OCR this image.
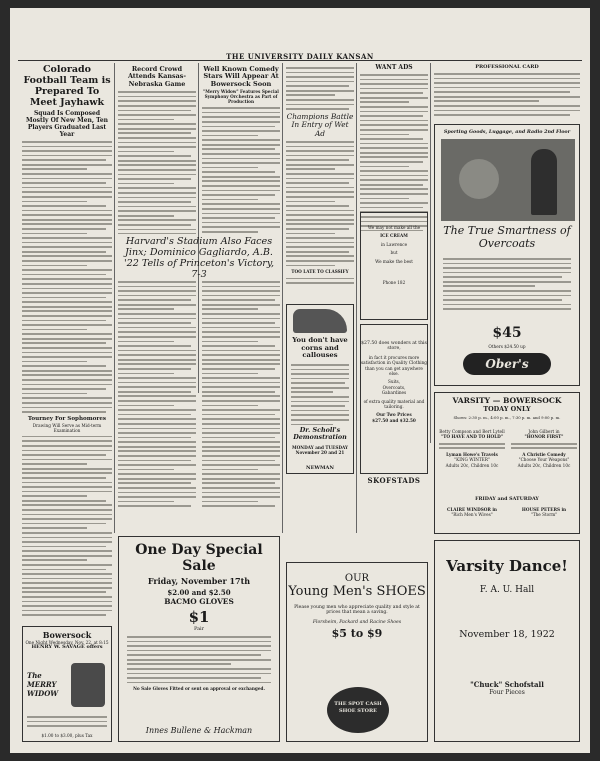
THE UNIVERSITY DAILY KANSAN
Colorado Football Team is Prepared To Meet Jayhawk
Squad Is Composed Mostly Of New Men, Ten Players Graduated Last Year
Tourney For Sophomores
Drawing Will Serve as Mid-term Examination
Bowersock
One Night Wednesday, Nov. 22, at 8:15
HENRY W. SAVAGE offers
The MERRY WIDOW
$1.00 to $3.00, plus Tax
Record Crowd Attends Kansas-Nebraska Game
Well Known Comedy Stars Will Appear At Bowersock Soon
"Merry Widow" Features Special Symphony Orchestra as Part of Production
Harvard's Stadium Also Faces Jinx; Dominico Gagliardo, A.B. '22 Tells of Princeton's Victory, 7-3
Champions Battle In Entry of Wet Ad
TOO LATE TO CLASSIFY
You don't have corns and callouses
Dr. Scholl's Demonstration
MONDAY and TUESDAY November 20 and 21
NEWMAN
WANT ADS
We may not make all the
ICE CREAM
in Lawrence
but
We make the best
Phone 182
$27.50 does wonders at this store,
in fact it procures more satisfaction in Quality Clothing than you can get anywhere else.
Suits,
Overcoats,
Gabardines
of extra quality material and tailoring.
Our Two Prices
$27.50 and $32.50
SKOFSTADS
PROFESSIONAL CARD
Sporting Goods, Luggage, and Radio 2nd Floor
The True Smartness of Overcoats
$45
Others $24.50 up
Ober's
VARSITY — BOWERSOCK
TODAY ONLY
Shows: 2:30 p. m., 4:00 p. m., 7:30 p. m. and 9:00 p. m.
Betty Compson and Bert Lytell
"TO HAVE AND TO HOLD"
Lyman Howe's Travels
"KING WINTER"
Adults 20c, Children 10c
John Gilbert in
"HONOR FIRST"
A Christie Comedy
"Choose Your Weapons"
Adults 20c, Children 10c
FRIDAY and SATURDAY
CLAIRE WINDSOR in
"Rich Men's Wives"
HOUSE PETERS in
"The Storm"
One Day Special Sale
Friday, November 17th
$2.00 and $2.50
BACMO GLOVES
$1
Pair
No Sale Gloves Fitted or sent on approval or exchanged.
Innes Bullene & Hackman
OUR
Young Men's SHOES
Please young men who appreciate quality and style at prices that mean a saving.
Florsheim, Packard and Racine Shoes
$5 to $9
THE SPOT CASH SHOE STORE
Varsity Dance!
F. A. U. Hall
November 18, 1922
"Chuck" Schofstall
Four Pieces
